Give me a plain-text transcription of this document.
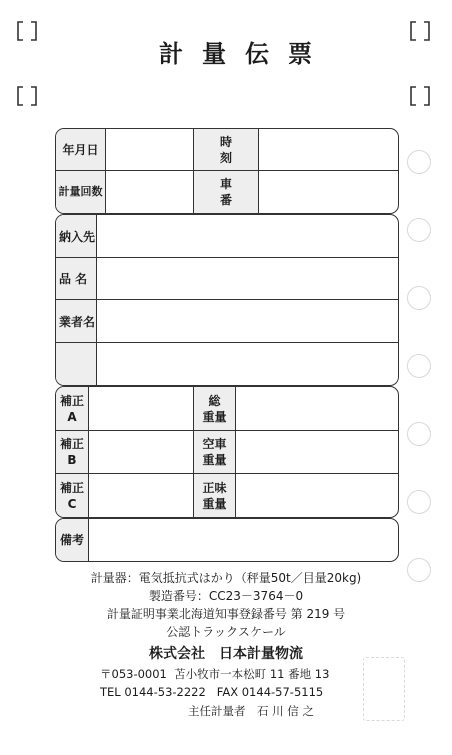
計量伝票
年月日
時 刻
計量回数
車 番
納入先
品 名
業者名
補正
A
総
重量
補正
B
空車
重量
補正
C
正味
重量
備考
計量器：電気抵抗式はかり（秤量50t／目量20kg)
製造番号：CC23－3764－0
計量証明事業北海道知事登録番号 第 219 号
公認トラックスケール
株式会社　日本計量物流
〒053-0001  苫小牧市一本松町 11 番地 13
TEL 0144-53-2222   FAX 0144-57-5115
主任計量者　石 川 信 之
